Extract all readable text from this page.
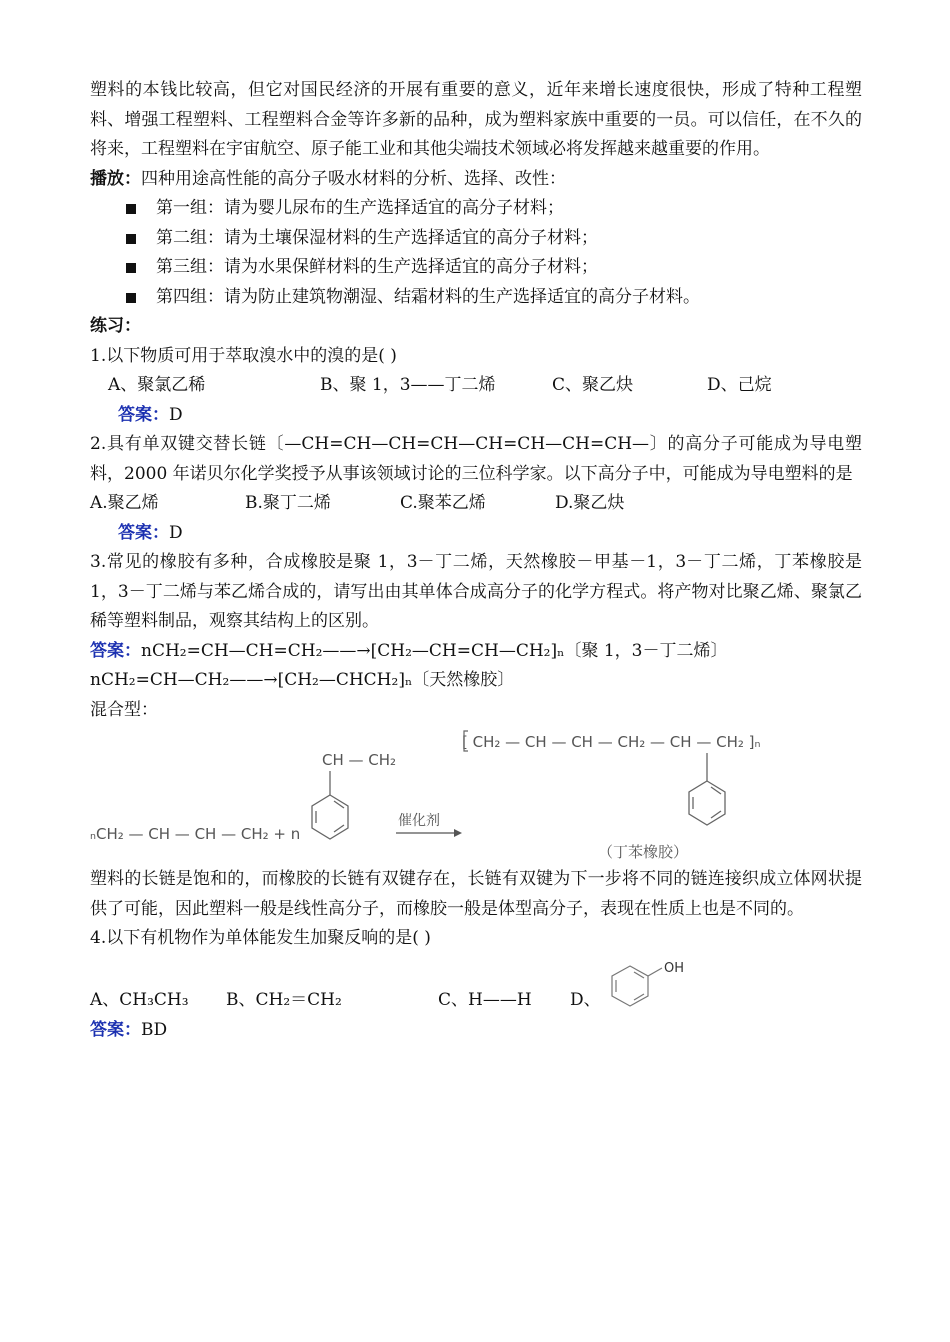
塑料的本钱比较高，但它对国民经济的开展有重要的意义，近年来增长速度很快，形成了特种工程塑料、增强工程塑料、工程塑料合金等许多新的品种，成为塑料家族中重要的一员。可以信任，在不久的将来，工程塑料在宇宙航空、原子能工业和其他尖端技术领域必将发挥越来越重要的作用。

播放：四种用途高性能的高分子吸水材料的分析、选择、改性：

第一组：请为婴儿尿布的生产选择适宜的高分子材料；
第二组：请为土壤保湿材料的生产选择适宜的高分子材料；
第三组：请为水果保鲜材料的生产选择适宜的高分子材料；
第四组：请为防止建筑物潮湿、结霜材料的生产选择适宜的高分子材料。

练习：

1.以下物质可用于萃取溴水中的溴的是( )

A、聚氯乙稀	B、聚 1，3——丁二烯	C、聚乙炔	D、己烷

答案：D

2.具有单双键交替长链〔—CH=CH—CH=CH—CH=CH—CH=CH—〕的高分子可能成为导电塑料，2000 年诺贝尔化学奖授予从事该领域讨论的三位科学家。以下高分子中，可能成为导电塑料的是

A.聚乙烯	B.聚丁二烯	C.聚苯乙烯	D.聚乙炔

答案：D

3.常见的橡胶有多种，合成橡胶是聚 1，3－丁二烯，天然橡胶－甲基－1，3－丁二烯，丁苯橡胶是 1，3－丁二烯与苯乙烯合成的，请写出由其单体合成高分子的化学方程式。将产物对比聚乙烯、聚氯乙稀等塑料制品，观察其结构上的区别。

答案：nCH₂=CH—CH=CH₂——→[CH₂—CH=CH—CH₂]ₙ〔聚 1，3－丁二烯〕

nCH₂=CH—CH₂——→[CH₂—CHCH₂]ₙ〔天然橡胶〕

混合型：

CH — CH₂
ₙCH₂ — CH — CH — CH₂ + n
催化剂
[ CH₂ — CH — CH — CH₂ — CH — CH₂ ]ₙ
（丁苯橡胶）

塑料的长链是饱和的，而橡胶的长链有双键存在，长链有双键为下一步将不同的链连接织成立体网状提供了可能，因此塑料一般是线性高分子，而橡胶一般是体型高分子，表现在性质上也是不同的。

4.以下有机物作为单体能发生加聚反响的是( )

A、CH₃CH₃	B、CH₂＝CH₂	C、H——H	D、
OH

答案：BD
